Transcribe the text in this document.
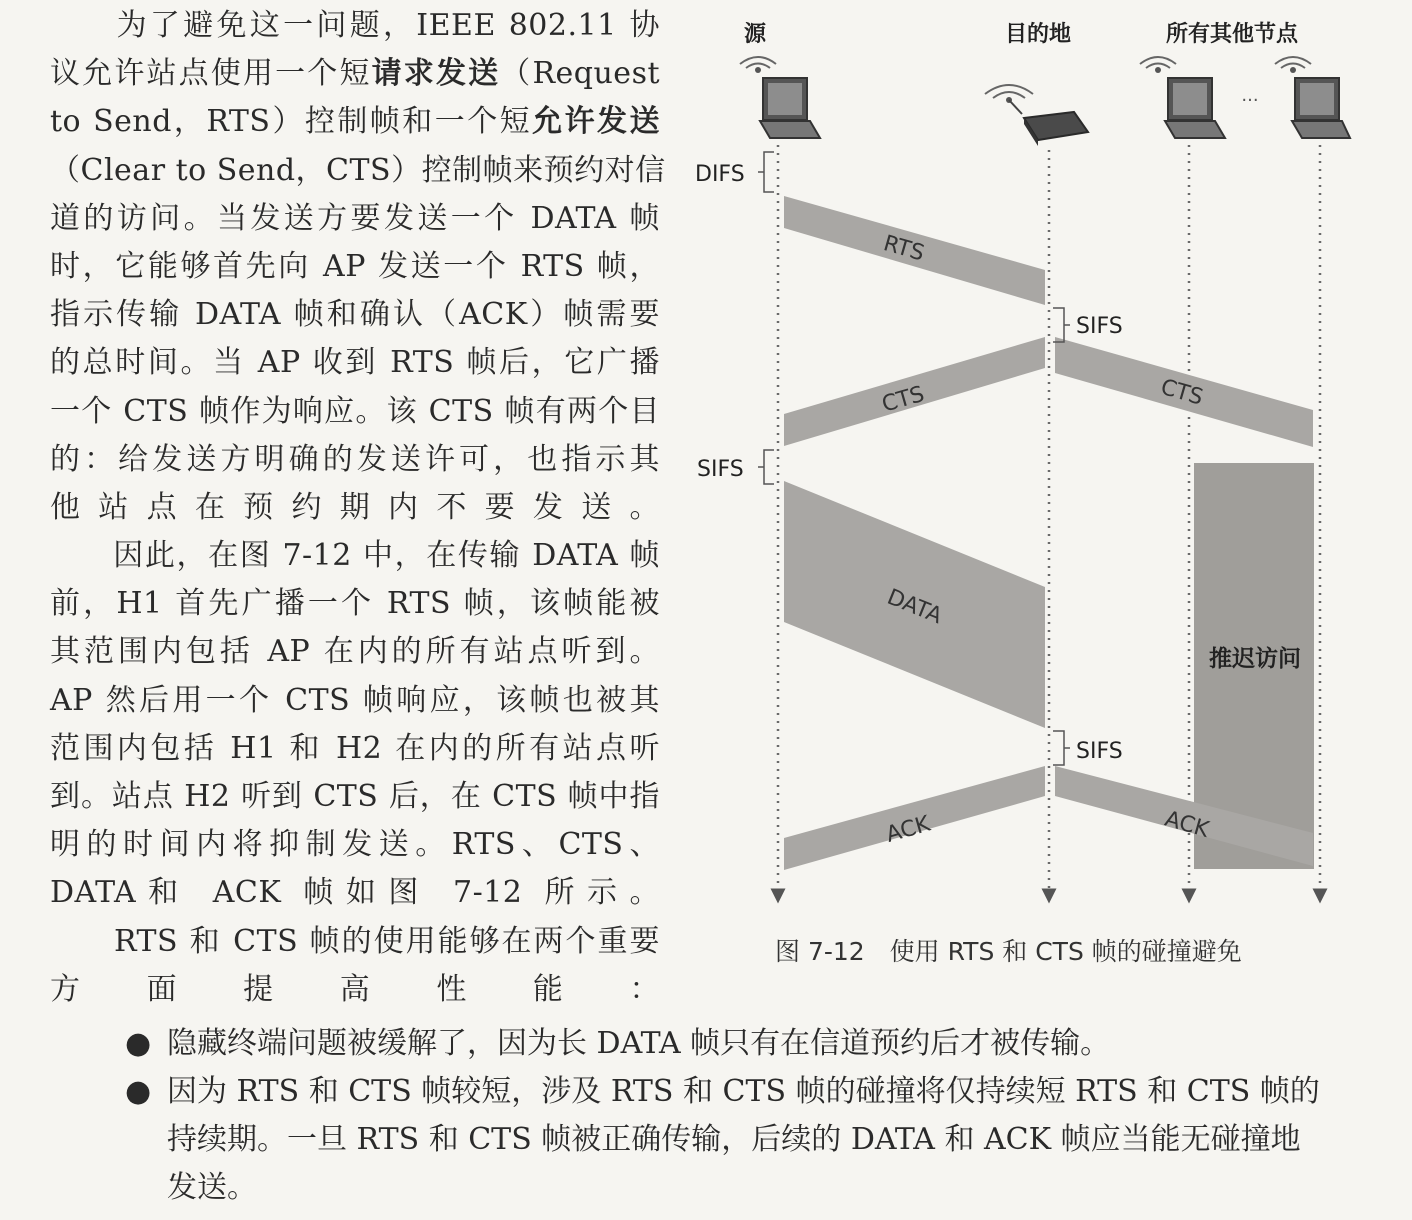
　　为了避免这一问题，IEEE 802.11 协
议允许站点使用一个短请求发送（Request
to Send，RTS）控制帧和一个短允许发送
（Clear to Send，CTS）控制帧来预约对信
道的访问。当发送方要发送一个 DATA 帧
时，它能够首先向 AP 发送一个 RTS 帧，
指示传输 DATA 帧和确认（ACK）帧需要
的总时间。当 AP 收到 RTS 帧后，它广播
一个 CTS 帧作为响应。该 CTS 帧有两个目
的：给发送方明确的发送许可，也指示其
他站点在预约期内不要发送。
　　因此，在图 7-12 中，在传输 DATA 帧
前，H1 首先广播一个 RTS 帧，该帧能被
其范围内包括 AP 在内的所有站点听到。
AP 然后用一个 CTS 帧响应，该帧也被其
范围内包括 H1 和 H2 在内的所有站点听
到。站点 H2 听到 CTS 后，在 CTS 帧中指
明的时间内将抑制发送。RTS、CTS、
DATA和 ACK 帧如图 7-12 所示。
　　RTS 和 CTS 帧的使用能够在两个重要
方面提高性能：
● 隐藏终端问题被缓解了，因为长 DATA 帧只有在信道预约后才被传输。
● 因为 RTS 和 CTS 帧较短，涉及 RTS 和 CTS 帧的碰撞将仅持续短 RTS 和 CTS 帧的
持续期。一旦 RTS 和 CTS 帧被正确传输，后续的 DATA 和 ACK 帧应当能无碰撞地
发送。
源	目的地	所有其他节点
···
RTS
CTS	CTS
DATA
推迟访问
ACK	ACK
DIFS
SIFS
SIFS
SIFS
图 7-12　使用 RTS 和 CTS 帧的碰撞避免
